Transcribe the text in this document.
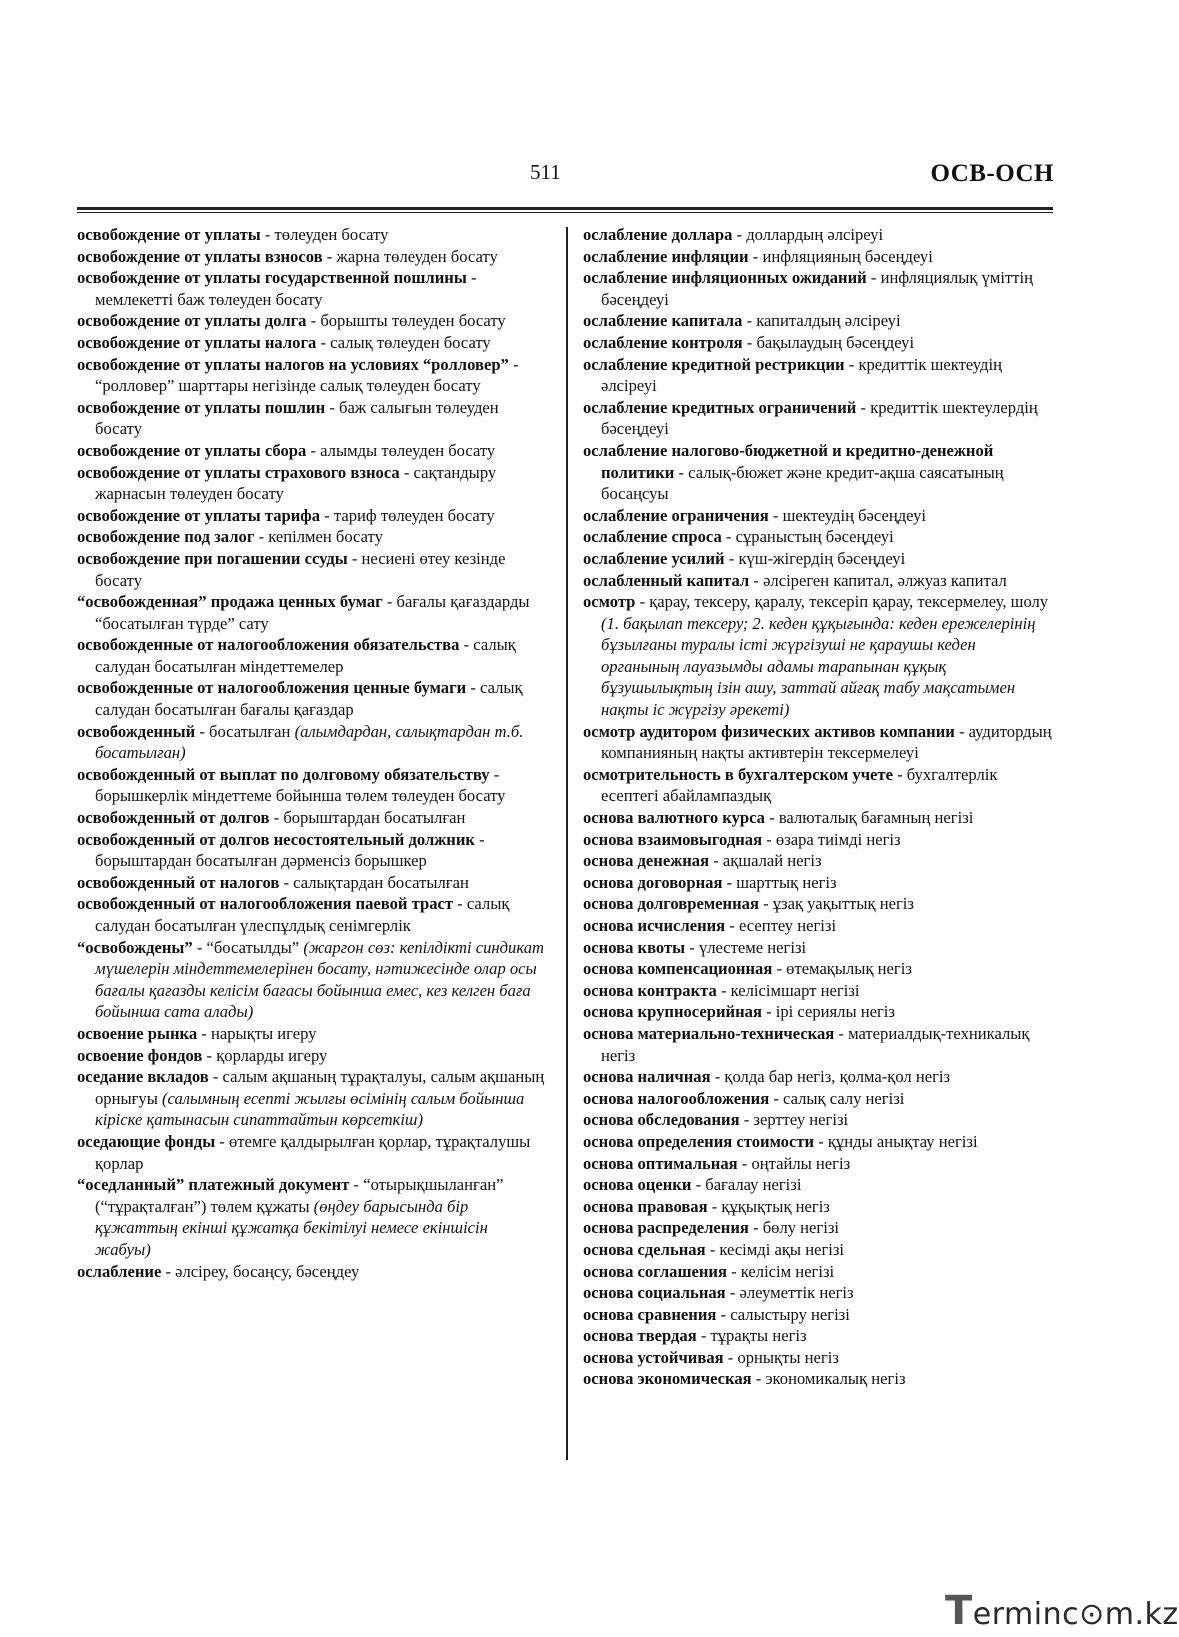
511	ОСВ-ОСН

освобождение от уплаты - төлеуден босату

освобождение от уплаты взносов - жарна төлеуден босату

освобождение от уплаты государственной пошлины - мемлекетті баж төлеуден босату

освобождение от уплаты долга - борышты төлеуден босату

освобождение от уплаты налога - салық төлеуден босату

освобождение от уплаты налогов на условиях “ролловер” - “ролловер” шарттары негізінде салық төлеуден босату

освобождение от уплаты пошлин - баж салығын төлеуден босату

освобождение от уплаты сбора - алымды төлеуден босату

освобождение от уплаты страхового взноса - сақтандыру жарнасын төлеуден босату

освобождение от уплаты тарифа - тариф төлеуден босату

освобождение под залог - кепілмен босату

освобождение при погашении ссуды - несиені өтеу кезінде босату

“освобожденная” продажа ценных бумаг - бағалы қағаздарды “босатылған түрде” сату

освобожденные от налогообложения обязательства - салық салудан босатылған міндеттемелер

освобожденные от налогообложения ценные бумаги - салық салудан босатылған бағалы қағаздар

освобожденный - босатылған (алымдардан, салықтардан т.б. босатылған)

освобожденный от выплат по долговому обязательству - борышкерлік міндеттеме бойынша төлем төлеуден босату

освобожденный от долгов - борыштардан босатылған

освобожденный от долгов несостоятельный должник - борыштардан босатылған дәрменсіз борышкер

освобожденный от налогов - салықтардан босатылған

освобожденный от налогообложения паевой траст - салық салудан босатылған үлеспұлдық сенімгерлік

“освобождены” - “босатылды” (жаргон сөз: кепілдікті синдикат мүшелерін міндеттемелерінен босату, нәтижесінде олар осы бағалы қағазды келісім бағасы бойынша емес, кез келген баға бойынша сата алады)

освоение рынка - нарықты игеру

освоение фондов - қорларды игеру

оседание вкладов - салым ақшаның тұрақталуы, салым ақшаның орнығуы (салымның есепті жылғы өсімінің салым бойынша кіріске қатынасын сипаттайтын көрсеткіш)

оседающие фонды - өтемге қалдырылған қорлар, тұрақталушы қорлар

“оседланный” платежный документ - “отырықшыланған” (“тұрақталған”) төлем құжаты (өңдеу барысында бір құжаттың екінші құжатқа бекітілуі немесе екіншісін жабуы)

ослабление - әлсіреу, босаңсу, бәсеңдеу

ослабление доллара - доллардың әлсіреуі

ослабление инфляции - инфляцияның бәсеңдеуі

ослабление инфляционных ожиданий - инфляциялық үміттің бәсеңдеуі

ослабление капитала - капиталдың әлсіреуі

ослабление контроля - бақылаудың бәсеңдеуі

ослабление кредитной рестрикции - кредиттік шектеудің әлсіреуі

ослабление кредитных ограничений - кредиттік шектеулердің бәсеңдеуі

ослабление налогово-бюджетной и кредитно-денежной политики - салық-бюжет және кредит-ақша саясатының босаңсуы

ослабление ограничения - шектеудің бәсеңдеуі

ослабление спроса - сұраныстың бәсеңдеуі

ослабление усилий - күш-жігердің бәсеңдеуі

ослабленный капитал - әлсіреген капитал, әлжуаз капитал

осмотр - қарау, тексеру, қаралу, тексеріп қарау, тексермелеу, шолу (1. бақылап тексеру; 2. кеден құқығында: кеден ережелерінің бұзылғаны туралы істі жүргізуші не қараушы кеден органының лауазымды адамы тарапынан құқық бұзушылықтың ізін ашу, заттай айғақ табу мақсатымен нақты іс жүргізу әрекеті)

осмотр аудитором физических активов компании - аудитордың компанияның нақты активтерін тексермелеуі

осмотрительность в бухгалтерском учете - бухгалтерлік есептегі абайлампаздық

основа валютного курса - валюталық бағамның негізі

основа взаимовыгодная - өзара тиімді негіз

основа денежная - ақшалай негіз

основа договорная - шарттық негіз

основа долговременная - ұзақ уақыттық негіз

основа исчисления - есептеу негізі

основа квоты - үлестеме негізі

основа компенсационная - өтемақылық негіз

основа контракта - келісімшарт негізі

основа крупносерийная - ірі сериялы негіз

основа материально-техническая - материалдық-техникалық негіз

основа наличная - қолда бар негіз, қолма-қол негіз

основа налогообложения - салық салу негізі

основа обследования - зерттеу негізі

основа определения стоимости - құнды анықтау негізі

основа оптимальная - оңтайлы негіз

основа оценки - бағалау негізі

основа правовая - құқықтық негіз

основа распределения - бөлу негізі

основа сдельная - кесімді ақы негізі

основа соглашения - келісім негізі

основа социальная - әлеуметтік негіз

основа сравнения - салыстыру негізі

основа твердая - тұрақты негіз

основа устойчивая - орнықты негіз

основа экономическая - экономикалық негіз

Terminc⊙m.kz
